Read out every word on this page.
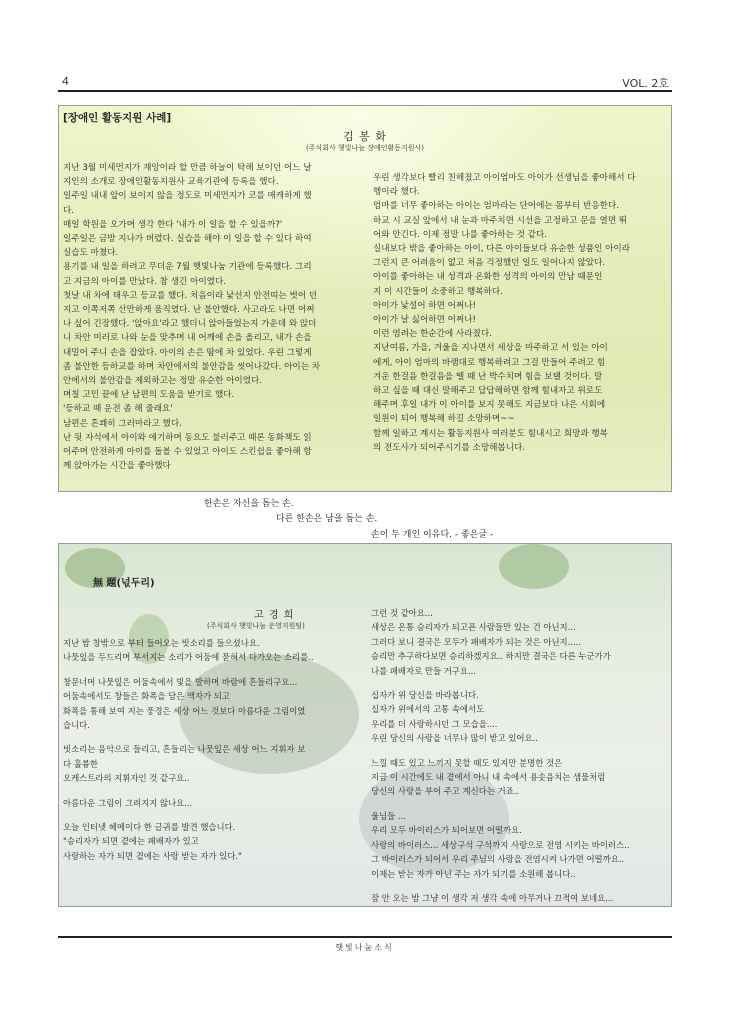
4	VOL. 2호
[장애인 활동지원 사례]
김 봉 화
(주식회사 햇빛나눔 장애인활동지원사)

지난 3월 미세먼지가 재앙이라 할 만큼 하늘이 탁해 보이던 어느 날

지인의 소개로 장애인활동지원사 교육기관에 등록을 했다.

일주일 내내 앞이 보이지 않을 정도로 미세먼지가 코를 매캐하게 했

다.

매일 학원을 오가며 생각 한다 '내가 이 일을 할 수 있을까?'

일주일은 금방 지나가 버렸다. 실습을 해야 이 일을 할 수 있다 하여

실습도 마쳤다.

용기를 내 일을 하려고 무더운 7월 햇빛나눔 기관에 등록했다. 그리

고 지금의 아이를 만났다. 참 생긴 아이였다.

첫날 내 차에 태우고 등교를 했다. 처음이라 낯선지 안전띠는 벗어 던

지고 이쪽저쪽 산만하게 움직였다. 난 불안했다. 사고라도 나면 어쩌

나 싶어 긴장했다. '앉아요'라고 했더니 앉아들었는지 가운데 와 앉더

니 차안 미러로 나와 눈을 맞추며 내 어깨에 손을 올리고, 내가 손을

내밀어 주니 손을 잡았다. 아이의 손은 땀에 차 있었다. 우린 그렇게

좀 불안한 등하교를 하며 차안에서의 불안감을 씻어나갔다. 아이는 차

안에서의 불안감을 제외하고는 정말 유순한 아이였다.

며칠 고민 끝에 난 남편의 도움을 받기로 했다.

'등하교 때 운전 좀 해 줄래요'

남편은 흔쾌히 그러마라고 했다.

난 뒷 자석에서 아이와 얘기하며 동요도 불러주고 때론 동화책도 읽

어주며 안전하게 아이를 돌볼 수 있었고 아이도 스킨쉽을 좋아해 함

께 앉아가는 시간을 좋아했다

우린 생각보다 빨리 친해졌고 아이엄마도 아이가 선생님을 좋아해서 다

행이라 했다.

엄마를 너무 좋아하는 아이는 엄마라는 단어에는 몸부터 반응한다.

하교 시 교실 앞에서 내 눈과 마주치면 시선을 고정하고 문을 열면 뛰

어와 안긴다. 이제 정말 나를 좋아하는 것 같다.

실내보다 밖을 좋아하는 아이, 다른 아이들보다 유순한 성품인 아이라

그런지 큰 어려움이 없고 처음 걱정했던 일도 일어나지 않았다.

아이를 좋아하는 내 성격과 온화한 성격의 아이의 만남 때문인

지 이 시간들이 소중하고 행복하다.

아이가 낯설어 하면 어쩌나!

아이가 날 싫어하면 어쩌나!

이런 염려는 한순간에 사라졌다.

지난여름, 가을, 겨울을 지나면서 세상을 마주하고 서 있는 아이

에게, 아이 엄마의 바램대로 행복하려고 그걸 만들어 주려고 힘

겨운 한걸음 한걸음을 뗄 때 난 박수치며 힘을 보탤 것이다. 말

하고 싶을 때 대신 말해주고 답답해하면 함께 힘내자고 위로도

해주며 후일 내가 이 아이를 보지 못해도 지금보다 나은 시회에

일원이 되어 행복해 하길 소망하며~~

함께 일하고 계시는 활동지원사 여러분도 힘내시고 희망과 행복

의 전도사가 되어주시기를 소망해봅니다.

한손은 자신을 돕는 손.
다른 한손은 남을 돕는 손.
손이 두 개인 이유다. - 좋은글 -
無 題(넋두리)
고 경 희
(주식회사 햇빛나눔 운영지원팀)

지난 밤 창밖으로 부터 들어오는 빗소리를 들으셨나요.

나뭇잎을 두드리며 부서지는 소리가 어둠에 묻혀서 다가오는 소리를..

창문너머 나뭇잎은 어둠속에서 빛을 발하며 바람에 흔들리구요...

어둠속에서도 창들은 화폭을 담은 액자가 되고

화폭을 통해 보여 지는 풍경은 세상 어느 것보다 아름다운 그림이였

습니다.

빗소리는 음악으로 들리고, 흔들리는 나뭇잎은 세상 어느 지휘자 보

다 훌륭한

오케스트라의 지휘자인 것 같구요..

아름다운 그림이 그려지지 않나요...

오늘 인터넷 헤메이다 한 글귀를 발견 했습니다.

"승리자가 되면 곁에는 패배자가 있고

사랑하는 자가 되면 곁에는 사랑 받는 자가 있다."

그런 것 같아요...

세상은 온통 승리자가 되고픈 사람들만 있는 건 아닌지...

그러다 보니 결국은 모두가 패배자가 되는 것은 아닌지.....

승리만 추구하다보면 승리하겠지요.. 하지만 결국은 다른 누군가가

나를 패배자로 만들 거구요...

십자가 위 당신을 바라봅니다.

십자가 위에서의 고통 속에서도

우리를 더 사랑하시던 그 모습을....

우린 당신의 사랑을 너무나 많이 받고 있어요..

느낄 때도 있고 느끼지 못할 때도 있지만 분명한 것은

지금 이 시간에도 내 곁에서 아니 내 속에서 용솟음치는 샘물처럼

당신의 사랑을 부어 주고 계신다는 거죠..

울님들 ...

우리 모두 바이러스가 되어보면 어떨까요.

사랑의 바이러스... 세상구석 구석까지 사랑으로 전염 시키는 바이러스..

그 바이러스가 되어서 우리 주님의 사랑을 전염시켜 나가면 어떨까요..

이제는 받는 자가 아닌 주는 자가 되기를 소원해 봅니다..

잠 안 오는 밤 그냥 이 생각 저 생각 속에 아무거나 끄적여 보네요...

햇빛나눔소식
